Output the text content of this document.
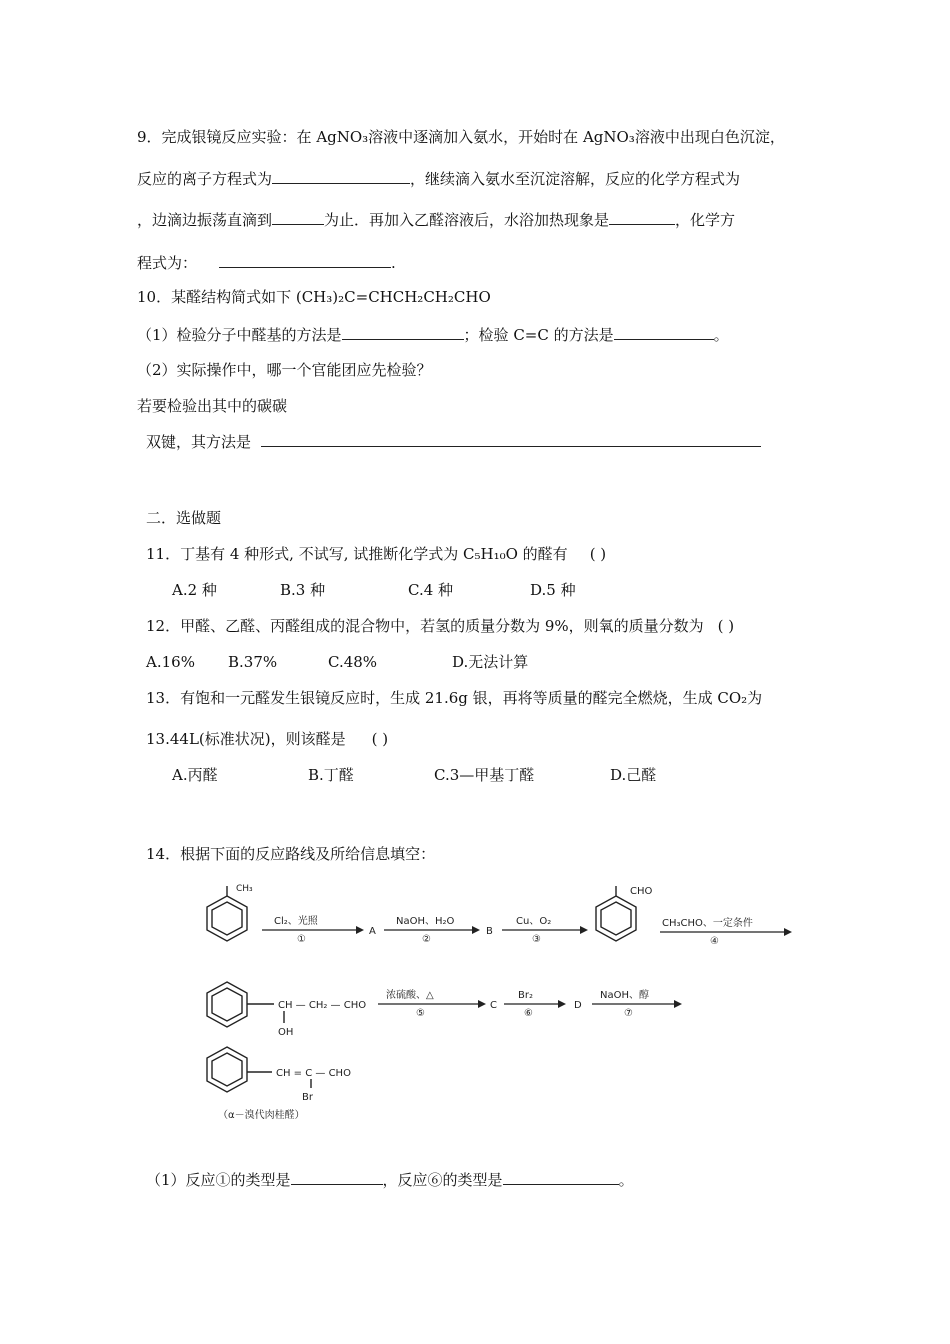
9．完成银镜反应实验：在 AgNO₃溶液中逐滴加入氨水，开始时在 AgNO₃溶液中出现白色沉淀，
反应的离子方程式为	，继续滴入氨水至沉淀溶解，反应的化学方程式为
，边滴边振荡直滴到	为止．再加入乙醛溶液后，水浴加热现象是	，化学方
程式为：	.
10．某醛结构简式如下 (CH₃)₂C=CHCH₂CH₂CHO
（1）检验分子中醛基的方法是	；检验 C=C 的方法是	。
（2）实际操作中，哪一个官能团应先检验？
若要检验出其中的碳碳
双键，其方法是
二．选做题
11．丁基有 4 种形式, 不试写, 试推断化学式为 C₅H₁₀O 的醛有 ( )
A.2 种	B.3 种	C.4 种	D.5 种
12．甲醛、乙醛、丙醛组成的混合物中，若氢的质量分数为 9%，则氧的质量分数为 ( )
A.16% B.37%	C.48%	D.无法计算
13．有饱和一元醛发生银镜反应时，生成 21.6g 银，再将等质量的醛完全燃烧，生成 CO₂为
13.44L(标准状况)，则该醛是 ( )
A.丙醛	B.丁醛	C.3—甲基丁醛	D.己醛
14．根据下面的反应路线及所给信息填空：
CH₃
Cl₂、光照
①
A
NaOH、H₂O
②
B
Cu、O₂
③
CHO
CH₃CHO、一定条件
④
CH — CH₂ — CHO
OH
浓硫酸、△
⑤
C
Br₂
⑥
D
NaOH、醇
⑦
CH = C — CHO
Br
（α－溴代肉桂醛）
（1）反应①的类型是	，反应⑥的类型是	。
